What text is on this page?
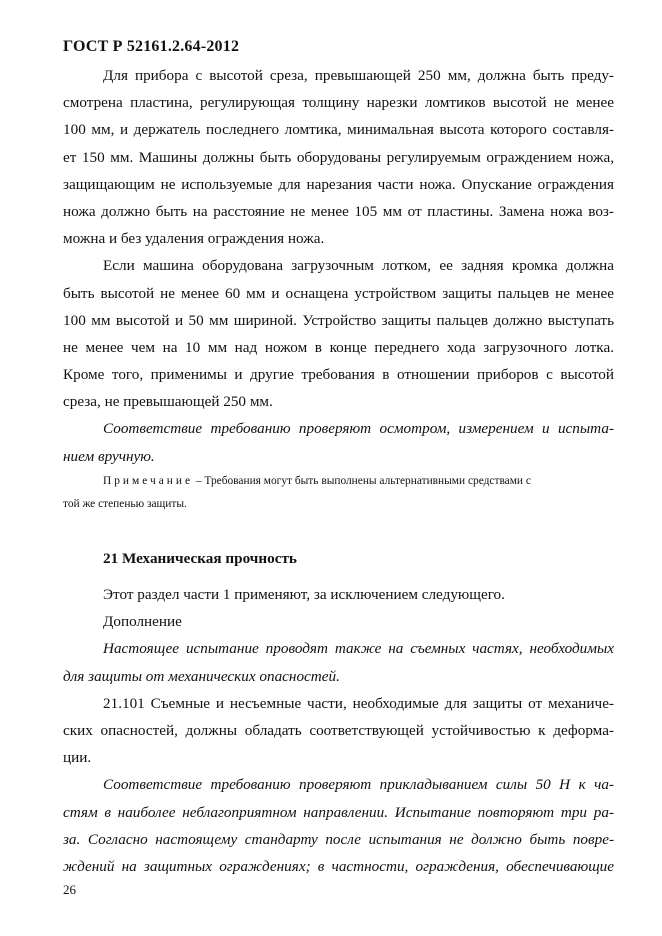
ГОСТ Р 52161.2.64-2012
Для прибора с высотой среза, превышающей 250 мм, должна быть преду-
смотрена пластина, регулирующая толщину нарезки ломтиков высотой не менее
100 мм, и держатель последнего ломтика, минимальная высота которого составля-
ет 150 мм. Машины должны быть оборудованы регулируемым ограждением ножа,
защищающим не используемые для нарезания части ножа. Опускание ограждения
ножа должно быть на расстояние не менее 105 мм от пластины. Замена ножа воз-
можна и без удаления ограждения ножа.
Если машина оборудована загрузочным лотком, ее задняя кромка должна
быть высотой не менее 60 мм и оснащена устройством защиты пальцев не менее
100 мм высотой и 50 мм шириной. Устройство защиты пальцев должно выступать
не менее чем на 10 мм над ножом в конце переднего хода загрузочного лотка.
Кроме того, применимы и другие требования в отношении приборов с высотой
среза, не превышающей 250 мм.
Соответствие требованию проверяют осмотром, измерением и испыта-
нием вручную.
Примечание – Требования могут быть выполнены альтернативными средствами с
той же степенью защиты.
21 Механическая прочность
Этот раздел части 1 применяют, за исключением следующего.
Дополнение
Настоящее испытание проводят также на съемных частях, необходимых
для защиты от механических опасностей.
21.101 Съемные и несъемные части, необходимые для защиты от механиче-
ских опасностей, должны обладать соответствующей устойчивостью к деформа-
ции.
Соответствие требованию проверяют прикладыванием силы 50 Н к ча-
стям в наиболее неблагоприятном направлении. Испытание повторяют три ра-
за. Согласно настоящему стандарту после испытания не должно быть повре-
ждений на защитных ограждениях; в частности, ограждения, обеспечивающие
26
